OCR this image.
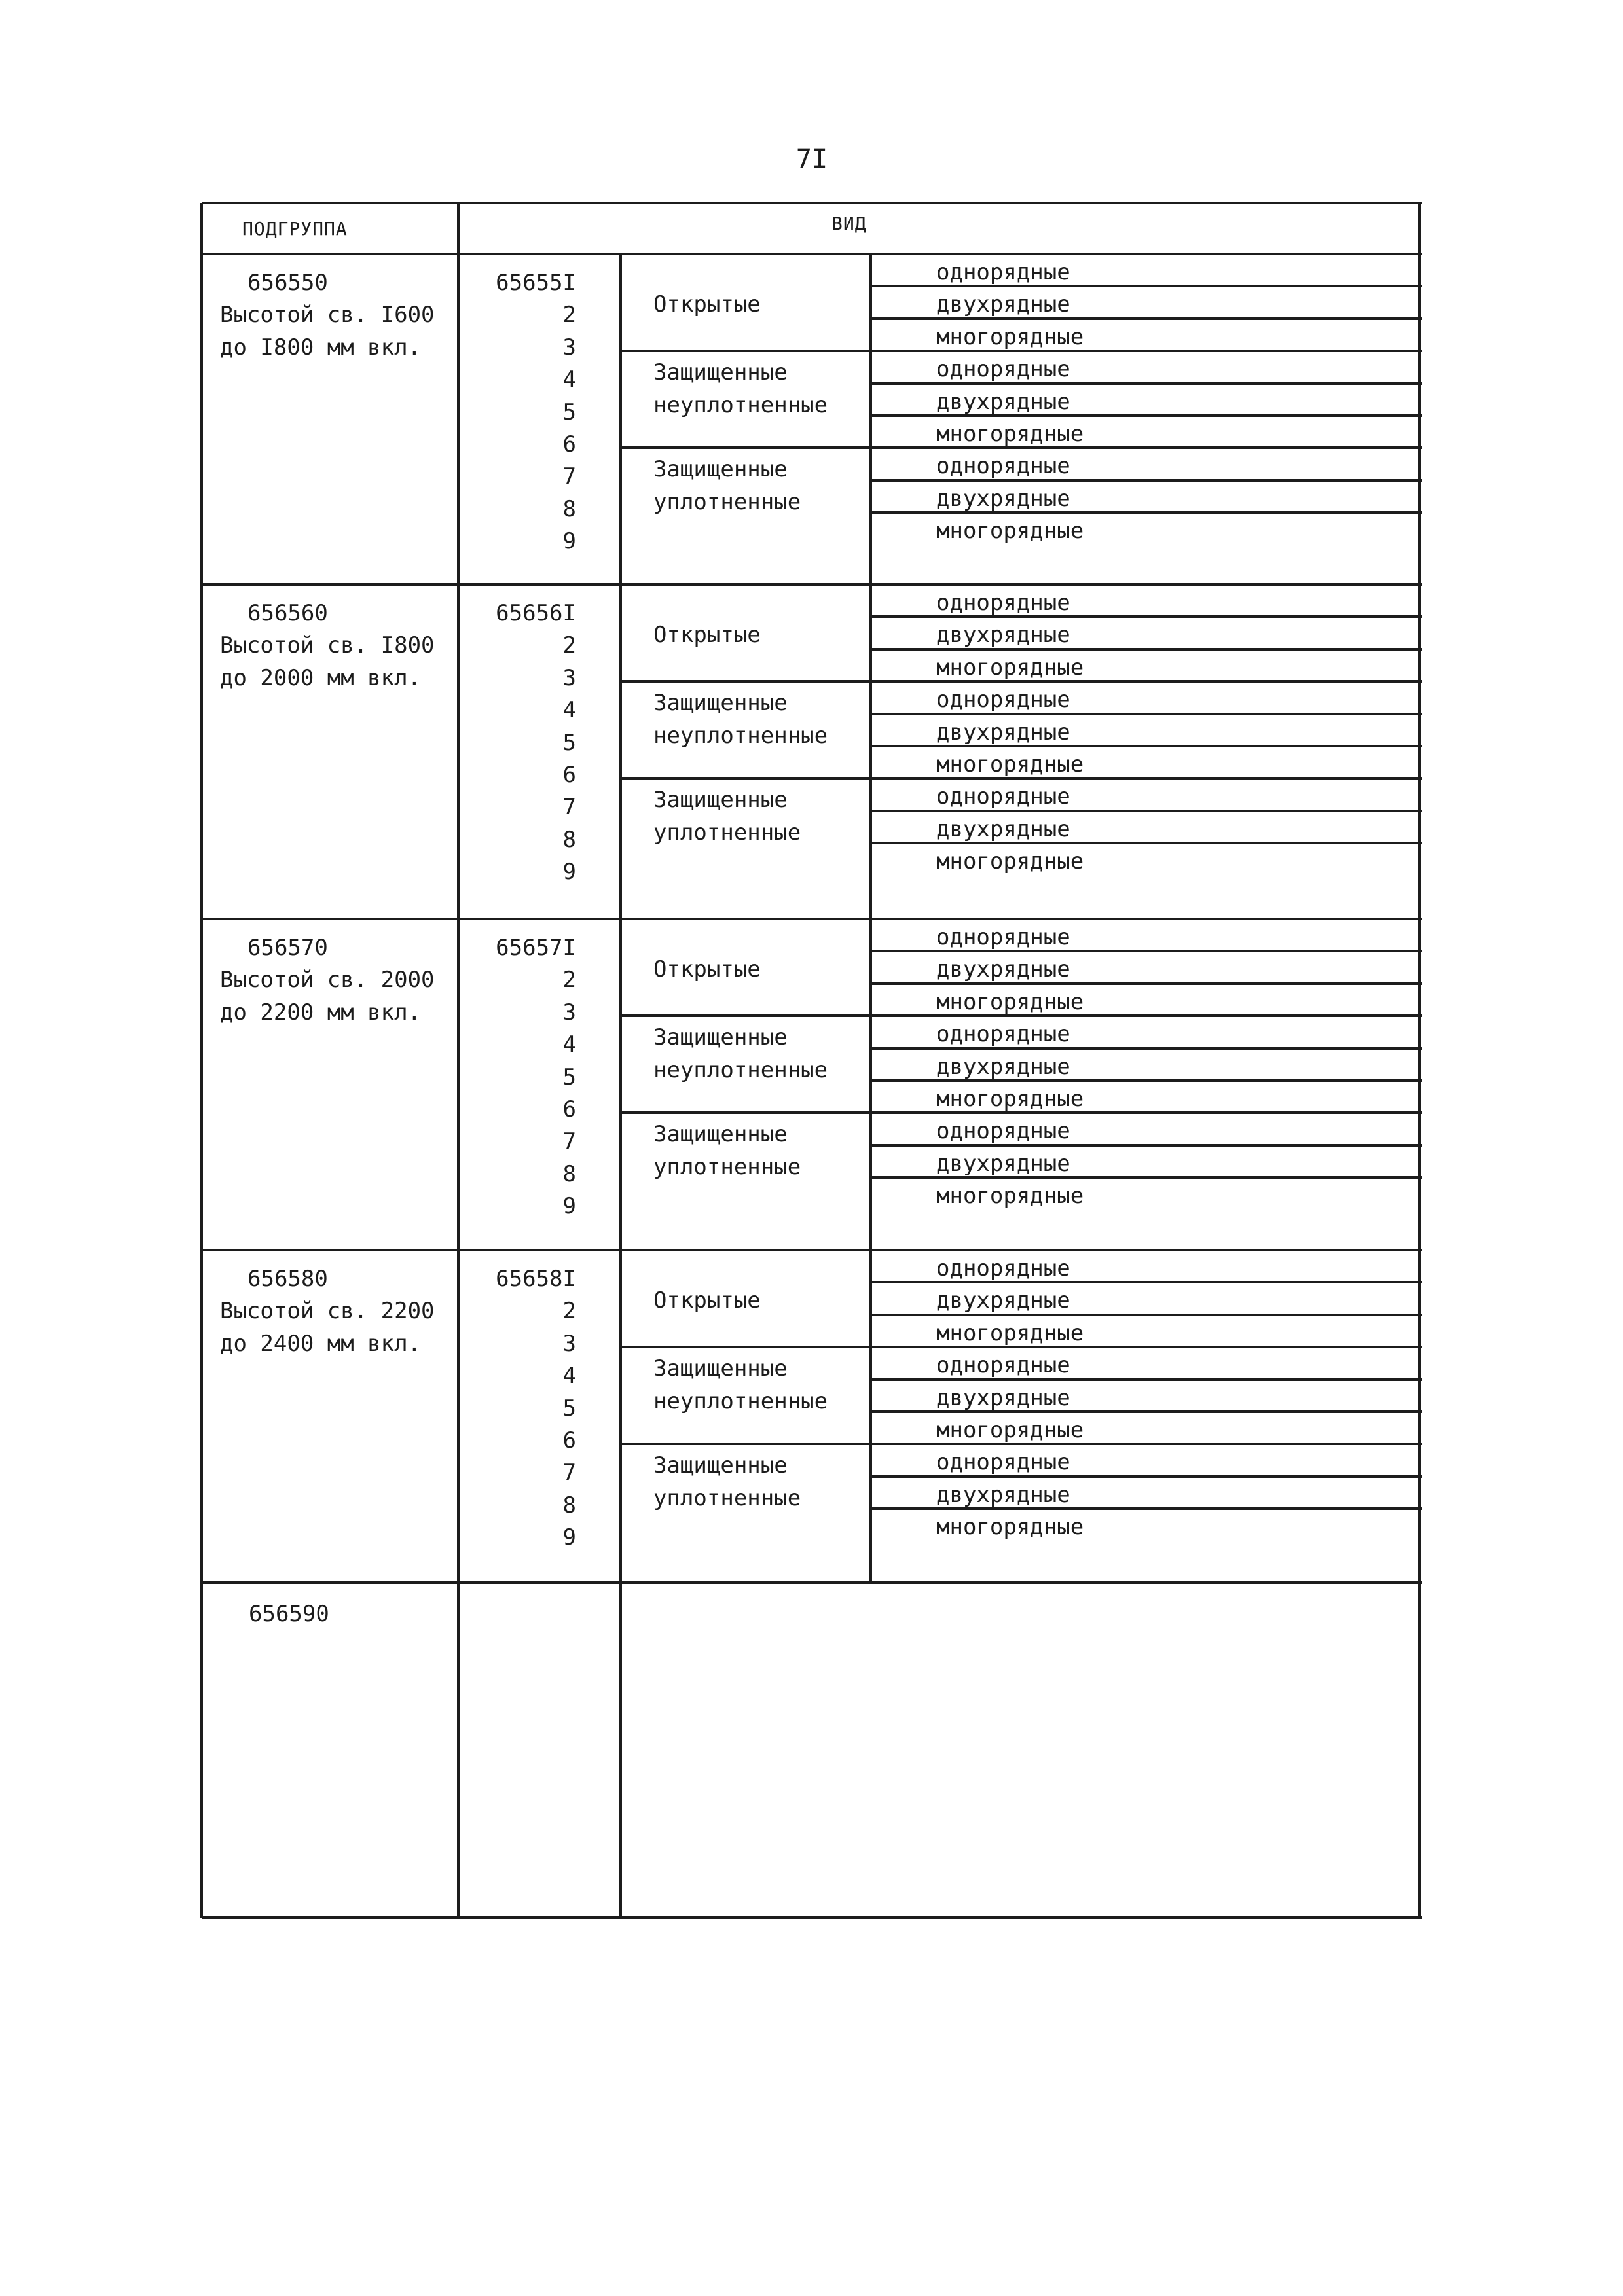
7I
ПОДГРУППА	ВИД
656590
656550
Высотой св. I600
до I800 мм вкл.
65655I
2
3
4
5
6
7
8
9
Открытые
Защищенные
неуплотненные
Защищенные
уплотненные
однорядные
двухрядные
многорядные
однорядные
двухрядные
многорядные
однорядные
двухрядные
многорядные
656560
Высотой св. I800
до 2000 мм вкл.
65656I
2
3
4
5
6
7
8
9
Открытые
Защищенные
неуплотненные
Защищенные
уплотненные
однорядные
двухрядные
многорядные
однорядные
двухрядные
многорядные
однорядные
двухрядные
многорядные
656570
Высотой св. 2000
до 2200 мм вкл.
65657I
2
3
4
5
6
7
8
9
Открытые
Защищенные
неуплотненные
Защищенные
уплотненные
однорядные
двухрядные
многорядные
однорядные
двухрядные
многорядные
однорядные
двухрядные
многорядные
656580
Высотой св. 2200
до 2400 мм вкл.
65658I
2
3
4
5
6
7
8
9
Открытые
Защищенные
неуплотненные
Защищенные
уплотненные
однорядные
двухрядные
многорядные
однорядные
двухрядные
многорядные
однорядные
двухрядные
многорядные
